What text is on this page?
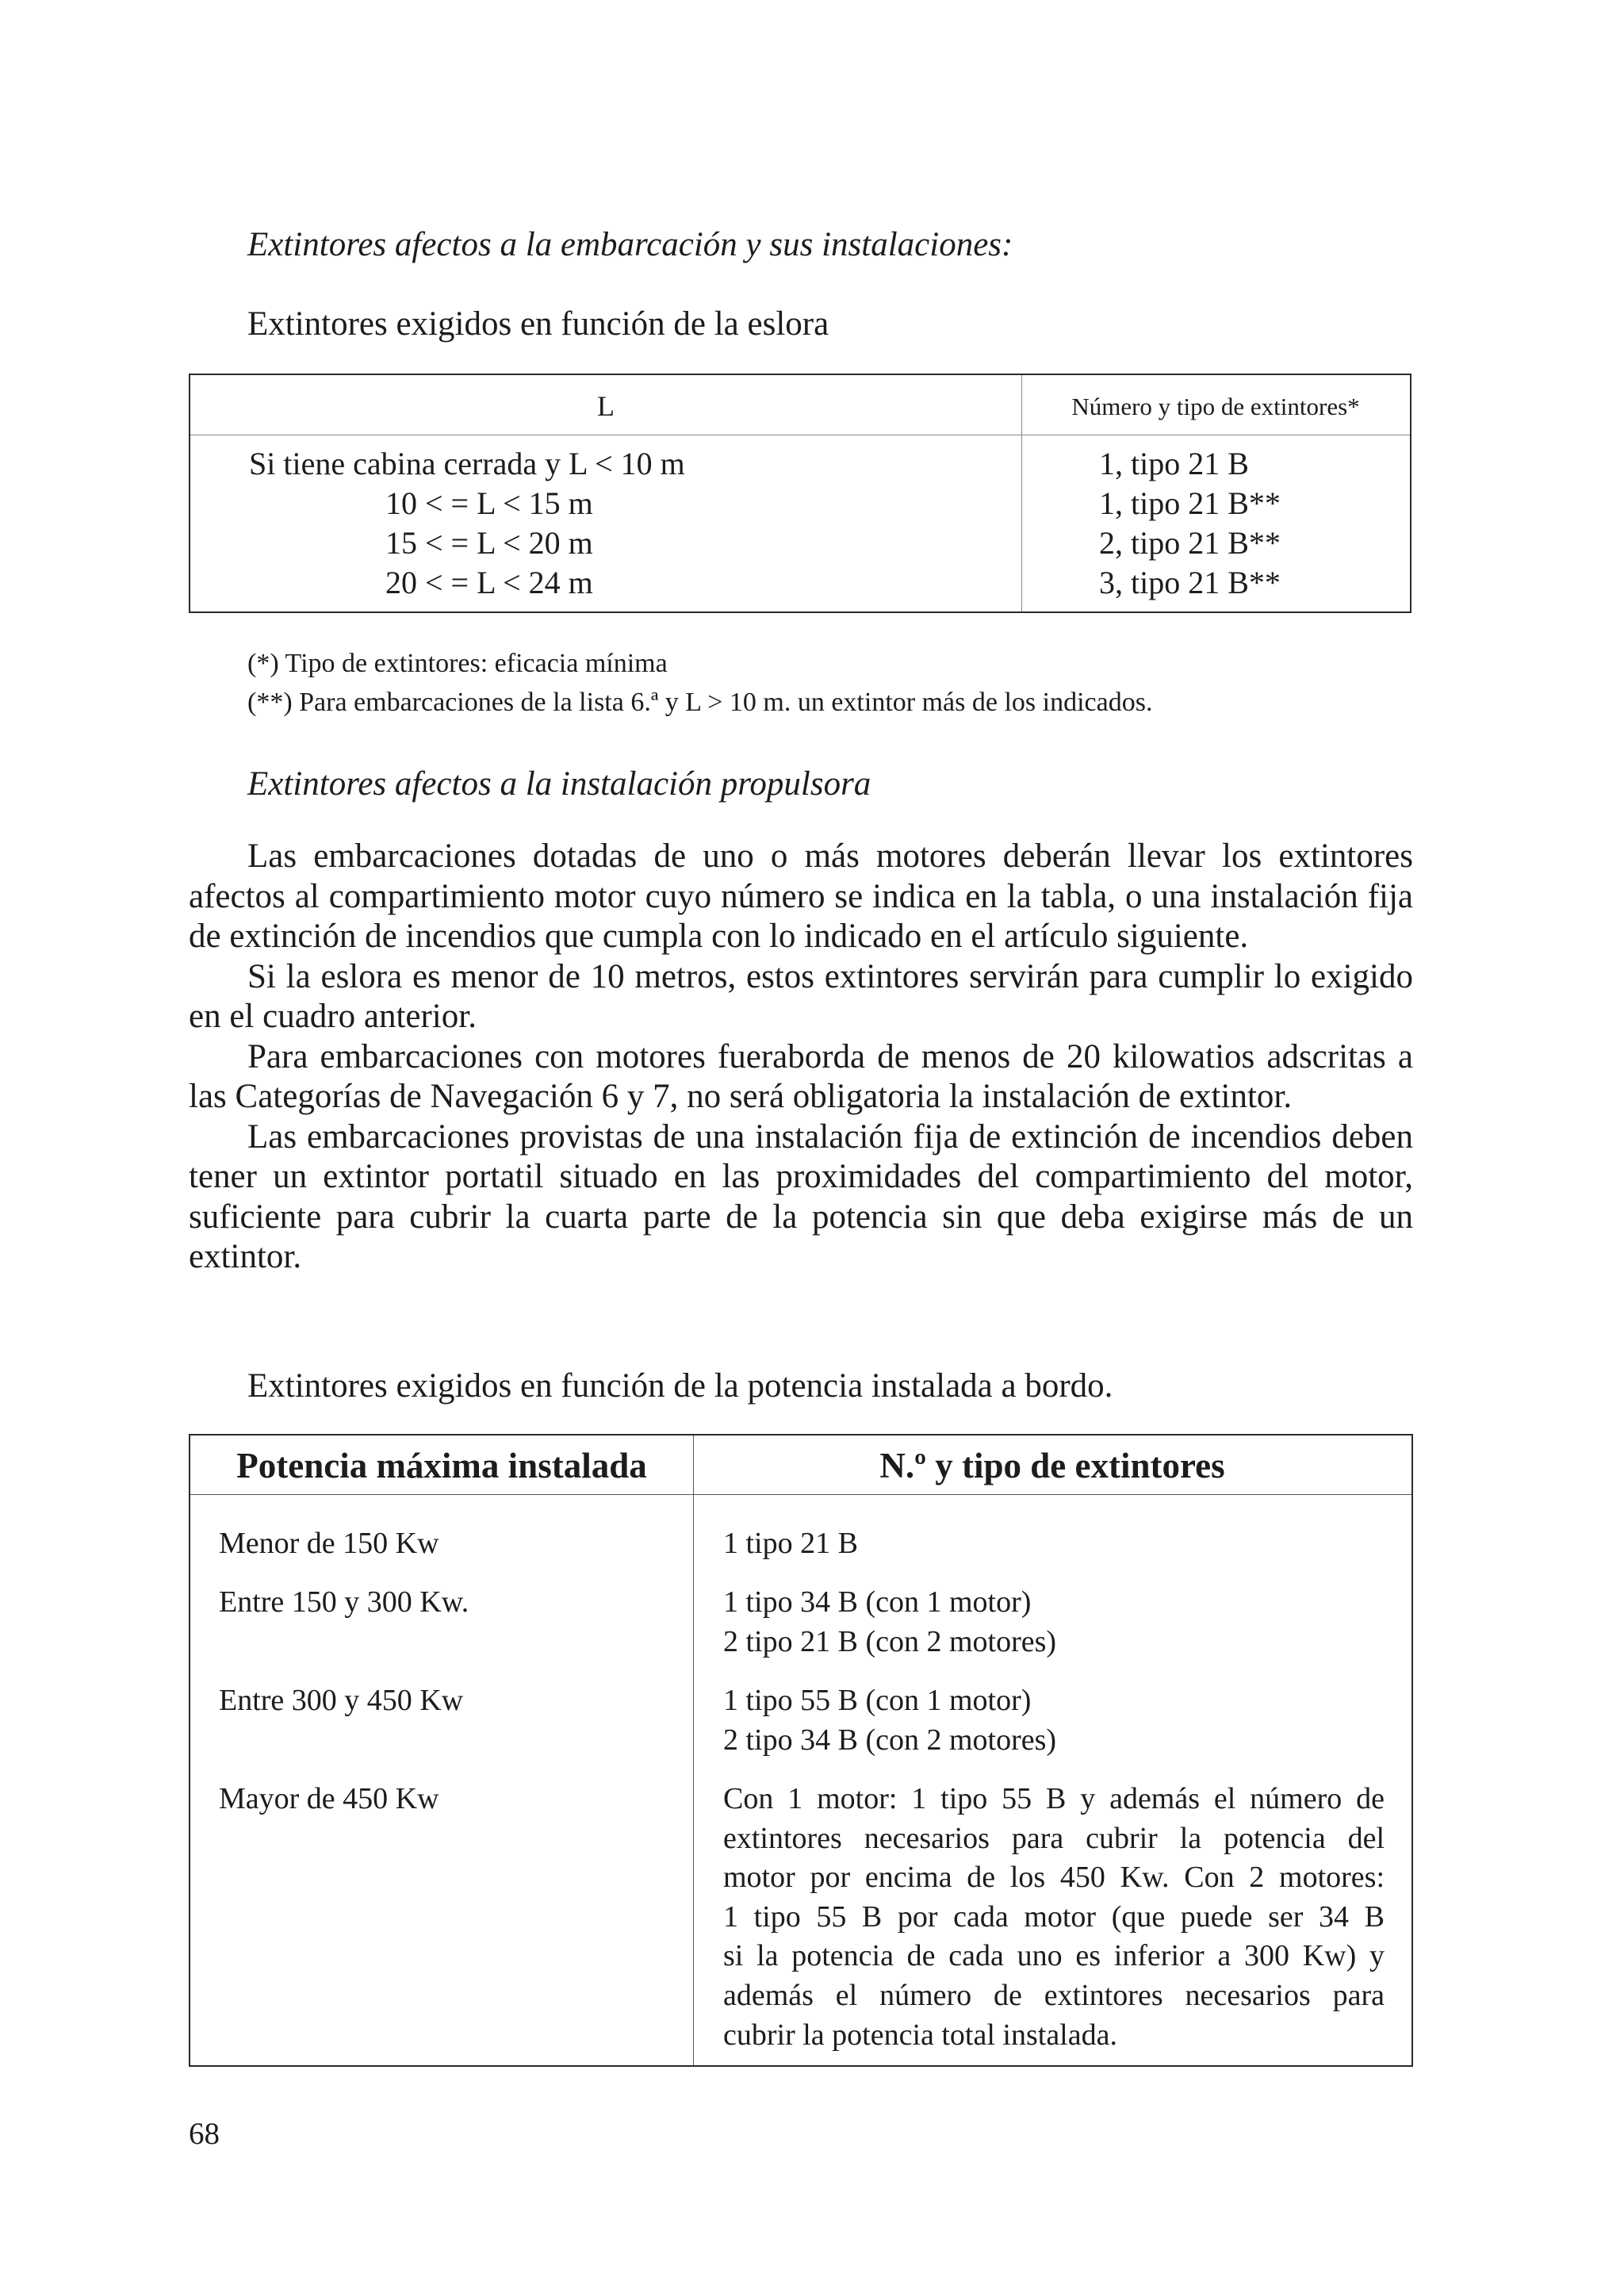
Extintores afectos a la embarcación y sus instalaciones:
Extintores exigidos en función de la eslora
L	Número y tipo de extintores*
Si tiene cabina cerrada y L < 10 m
10 < = L < 15 m
15 < = L < 20 m
20 < = L < 24 m
1, tipo 21 B
1, tipo 21 B**
2, tipo 21 B**
3, tipo 21 B**
(*) Tipo de extintores: eficacia mínima
(**) Para embarcaciones de la lista 6.ª y L > 10 m. un extintor más de los indicados.
Extintores afectos a la instalación propulsora

Las embarcaciones dotadas de uno o más motores deberán llevar los extintores afectos al compartimiento motor cuyo número se indica en la tabla, o una instalación fija de extinción de incendios que cumpla con lo indicado en el artículo siguiente.

Si la eslora es menor de 10 metros, estos extintores servirán para cumplir lo exigido en el cuadro anterior.

Para embarcaciones con motores fueraborda de menos de 20 kilowatios adscritas a las Categorías de Navegación 6 y 7, no será obligatoria la instalación de extintor.

Las embarcaciones provistas de una instalación fija de extinción de incendios deben tener un extintor portatil situado en las proximidades del compartimiento del motor, suficiente para cubrir la cuarta parte de la potencia sin que deba exigirse más de un extintor.

Extintores exigidos en función de la potencia instalada a bordo.
Potencia máxima instalada	N.º y tipo de extintores
Menor de 150 Kw
Entre 150 y 300 Kw.
Entre 300 y 450 Kw
Mayor de 450 Kw
1 tipo 21 B
1 tipo 34 B (con 1 motor)
2 tipo 21 B (con 2 motores)
1 tipo 55 B (con 1 motor)
2 tipo 34 B (con 2 motores)
Con 1 motor: 1 tipo 55 B y además el número de
extintores necesarios para cubrir la potencia del
motor por encima de los 450 Kw. Con 2 motores:
1 tipo 55 B por cada motor (que puede ser 34 B
si la potencia de cada uno es inferior a 300 Kw) y
además el número de extintores necesarios para
cubrir la potencia total instalada.
68
